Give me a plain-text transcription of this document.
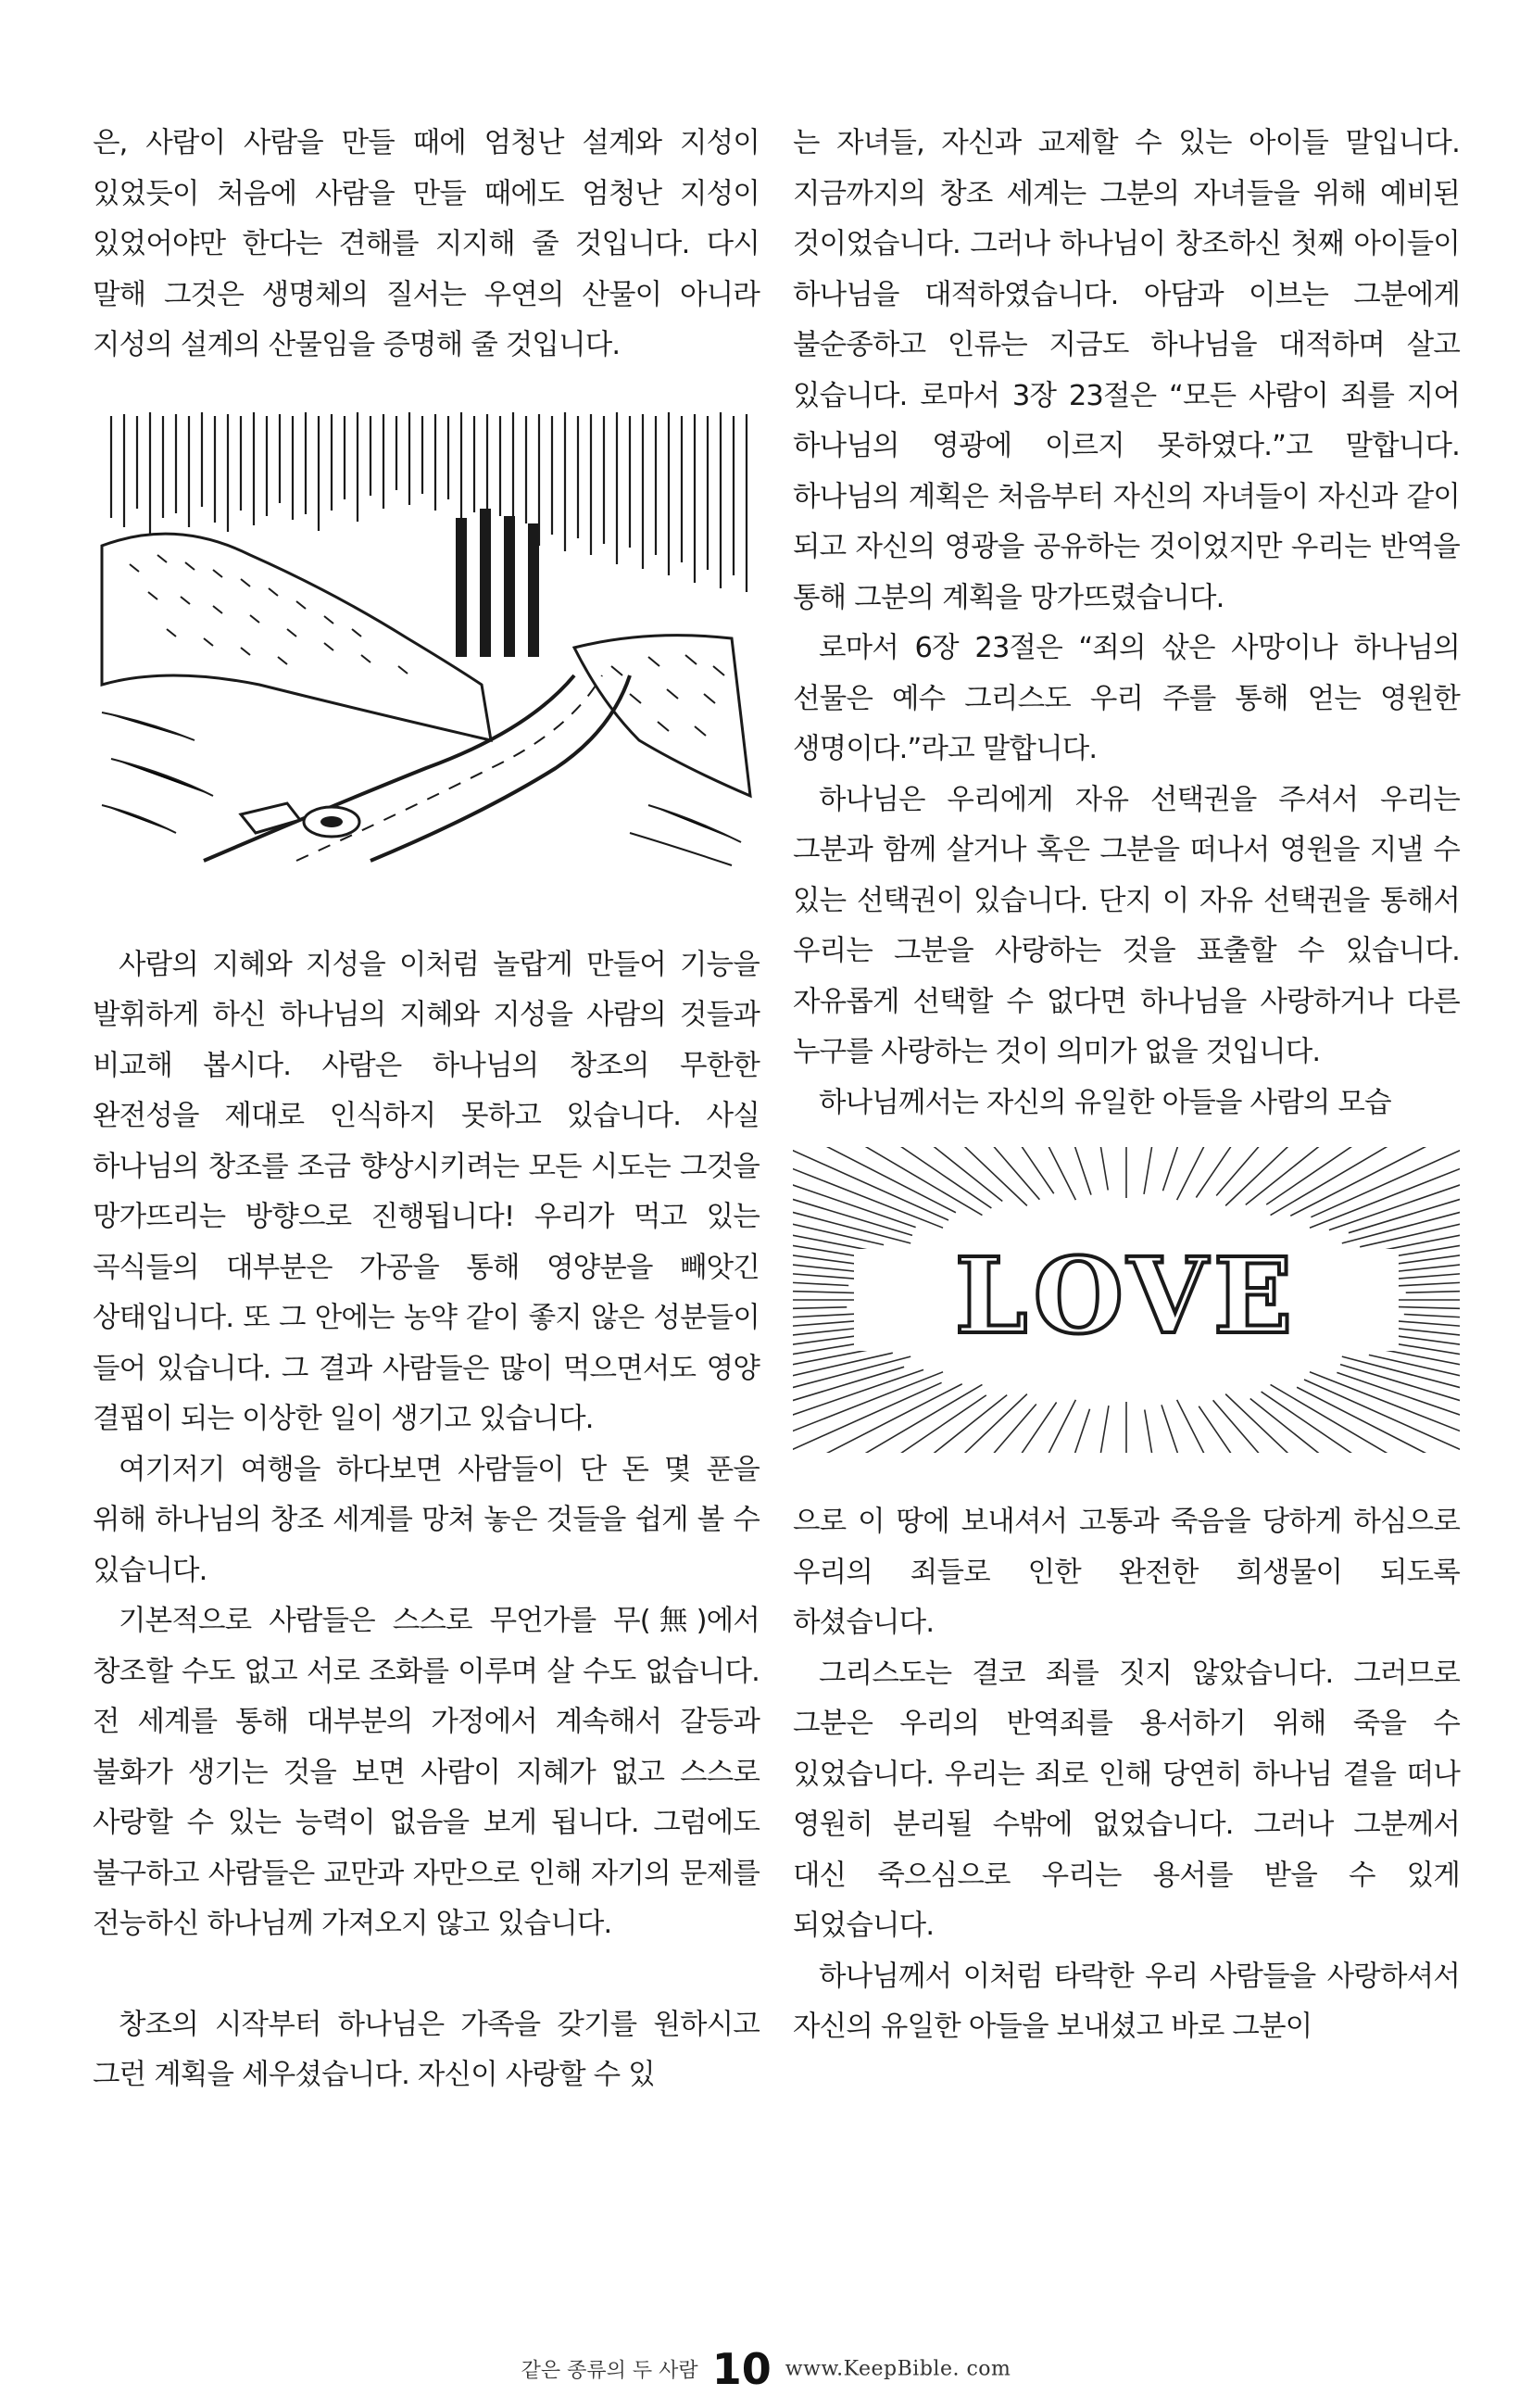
은, 사람이 사람을 만들 때에 엄청난 설계와 지성이 있었듯이 처음에 사람을 만들 때에도 엄청난 지성이 있었어야만 한다는 견해를 지지해 줄 것입니다. 다시 말해 그것은 생명체의 질서는 우연의 산물이 아니라 지성의 설계의 산물임을 증명해 줄 것입니다.

사람의 지혜와 지성을 이처럼 놀랍게 만들어 기능을 발휘하게 하신 하나님의 지혜와 지성을 사람의 것들과 비교해 봅시다. 사람은 하나님의 창조의 무한한 완전성을 제대로 인식하지 못하고 있습니다. 사실 하나님의 창조를 조금 향상시키려는 모든 시도는 그것을 망가뜨리는 방향으로 진행됩니다! 우리가 먹고 있는 곡식들의 대부분은 가공을 통해 영양분을 빼앗긴 상태입니다. 또 그 안에는 농약 같이 좋지 않은 성분들이 들어 있습니다. 그 결과 사람들은 많이 먹으면서도 영양 결핍이 되는 이상한 일이 생기고 있습니다.

여기저기 여행을 하다보면 사람들이 단 돈 몇 푼을 위해 하나님의 창조 세계를 망쳐 놓은 것들을 쉽게 볼 수 있습니다.

기본적으로 사람들은 스스로 무언가를 무(無)에서 창조할 수도 없고 서로 조화를 이루며 살 수도 없습니다. 전 세계를 통해 대부분의 가정에서 계속해서 갈등과 불화가 생기는 것을 보면 사람이 지혜가 없고 스스로 사랑할 수 있는 능력이 없음을 보게 됩니다. 그럼에도 불구하고 사람들은 교만과 자만으로 인해 자기의 문제를 전능하신 하나님께 가져오지 않고 있습니다.

창조의 시작부터 하나님은 가족을 갖기를 원하시고 그런 계획을 세우셨습니다. 자신이 사랑할 수 있

는 자녀들, 자신과 교제할 수 있는 아이들 말입니다. 지금까지의 창조 세계는 그분의 자녀들을 위해 예비된 것이었습니다. 그러나 하나님이 창조하신 첫째 아이들이 하나님을 대적하였습니다. 아담과 이브는 그분에게 불순종하고 인류는 지금도 하나님을 대적하며 살고 있습니다. 로마서 3장 23절은 “모든 사람이 죄를 지어 하나님의 영광에 이르지 못하였다.”고 말합니다. 하나님의 계획은 처음부터 자신의 자녀들이 자신과 같이 되고 자신의 영광을 공유하는 것이었지만 우리는 반역을 통해 그분의 계획을 망가뜨렸습니다.

로마서 6장 23절은 “죄의 삯은 사망이나 하나님의 선물은 예수 그리스도 우리 주를 통해 얻는 영원한 생명이다.”라고 말합니다.

하나님은 우리에게 자유 선택권을 주셔서 우리는 그분과 함께 살거나 혹은 그분을 떠나서 영원을 지낼 수 있는 선택권이 있습니다. 단지 이 자유 선택권을 통해서 우리는 그분을 사랑하는 것을 표출할 수 있습니다. 자유롭게 선택할 수 없다면 하나님을 사랑하거나 다른 누구를 사랑하는 것이 의미가 없을 것입니다.

하나님께서는 자신의 유일한 아들을 사람의 모습

LOVE

으로 이 땅에 보내셔서 고통과 죽음을 당하게 하심으로 우리의 죄들로 인한 완전한 희생물이 되도록 하셨습니다.

그리스도는 결코 죄를 짓지 않았습니다. 그러므로 그분은 우리의 반역죄를 용서하기 위해 죽을 수 있었습니다. 우리는 죄로 인해 당연히 하나님 곁을 떠나 영원히 분리될 수밖에 없었습니다. 그러나 그분께서 대신 죽으심으로 우리는 용서를 받을 수 있게 되었습니다.

하나님께서 이처럼 타락한 우리 사람들을 사랑하셔서 자신의 유일한 아들을 보내셨고 바로 그분이

같은 종류의 두 사람 10 www.KeepBible. com
